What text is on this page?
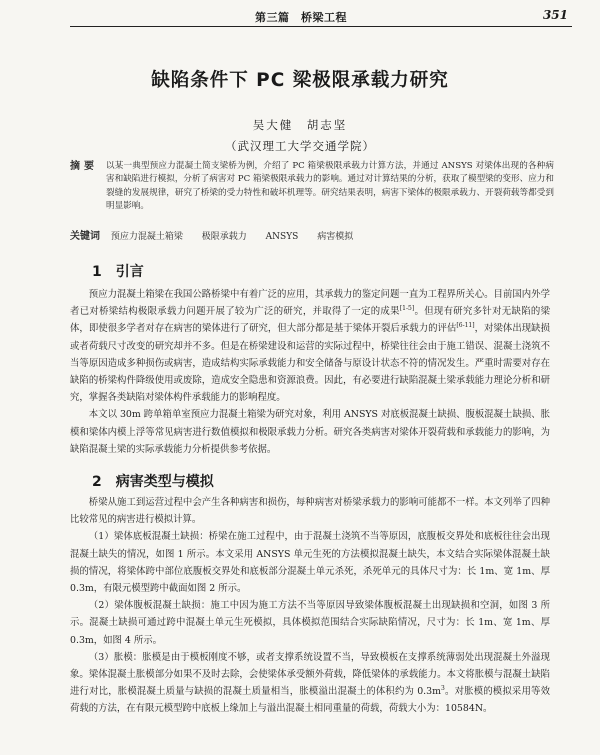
第三篇　桥梁工程	351
缺陷条件下 PC 梁极限承载力研究
吴大健　胡志坚
（武汉理工大学交通学院）
摘要 以某一典型预应力混凝土简支梁桥为例，介绍了 PC 箱梁极限承载力计算方法，并通过 ANSYS 对梁体出现的各种病害和缺陷进行模拟，分析了病害对 PC 箱梁极限承载力的影响。通过对计算结果的分析，获取了模型梁的变形、应力和裂缝的发展规律，研究了桥梁的受力特性和破坏机理等。研究结果表明，病害下梁体的极限承载力、开裂荷载等都受到明显影响。
关键词 预应力混凝土箱梁 极限承载力 ANSYS 病害模拟
1 引言

预应力混凝土箱梁在我国公路桥梁中有着广泛的应用，其承载力的鉴定问题一直为工程界所关心。目前国内外学者已对桥梁结构极限承载力问题开展了较为广泛的研究，并取得了一定的成果[1-5]。但现有研究多针对无缺陷的梁体，即使很多学者对存在病害的梁体进行了研究，但大部分都是基于梁体开裂后承载力的评估[6-11]，对梁体出现缺损或者荷载尺寸改变的研究却并不多。但是在桥梁建设和运营的实际过程中，桥梁往往会由于施工错误、混凝土浇筑不当等原因造成多种损伤或病害，造成结构实际承载能力和安全储备与原设计状态不符的情况发生。严重时需要对存在缺陷的桥梁构件降级使用或废除，造成安全隐患和资源浪费。因此，有必要进行缺陷混凝土梁承载能力理论分析和研究，掌握各类缺陷对梁体构件承载能力的影响程度。

本文以 30m 跨单箱单室预应力混凝土箱梁为研究对象，利用 ANSYS 对底板混凝土缺损、腹板混凝土缺损、胀模和梁体内模上浮等常见病害进行数值模拟和极限承载力分析。研究各类病害对梁体开裂荷载和承载能力的影响，为缺陷混凝土梁的实际承载能力分析提供参考依据。

2 病害类型与模拟

桥梁从施工到运营过程中会产生各种病害和损伤，每种病害对桥梁承载力的影响可能都不一样。本文列举了四种比较常见的病害进行模拟计算。

（1）梁体底板混凝土缺损：桥梁在施工过程中，由于混凝土浇筑不当等原因，底腹板交界处和底板往往会出现混凝土缺失的情况，如图 1 所示。本文采用 ANSYS 单元生死的方法模拟混凝土缺失，本文结合实际梁体混凝土缺损的情况，将梁体跨中部位底腹板交界处和底板部分混凝土单元杀死，杀死单元的具体尺寸为：长 1m、宽 1m、厚 0.3m，有限元模型跨中截面如图 2 所示。

（2）梁体腹板混凝土缺损：施工中因为施工方法不当等原因导致梁体腹板混凝土出现缺损和空洞，如图 3 所示。混凝土缺损可通过跨中混凝土单元生死模拟，具体模拟范围结合实际缺陷情况，尺寸为：长 1m、宽 1m、厚 0.3m，如图 4 所示。

（3）胀模：胀模是由于模板刚度不够，或者支撑系统设置不当，导致模板在支撑系统薄弱处出现混凝土外溢现象。梁体混凝土胀模部分如果不及时去除，会使梁体承受额外荷载，降低梁体的承载能力。本文将胀模与混凝土缺陷进行对比，胀模混凝土质量与缺损的混凝土质量相当，胀模溢出混凝土的体积约为 $0.3m^3$。对胀模的模拟采用等效荷载的方法，在有限元模型跨中底板上缘加上与溢出混凝土相同重量的荷载，荷载大小为：10584N。
